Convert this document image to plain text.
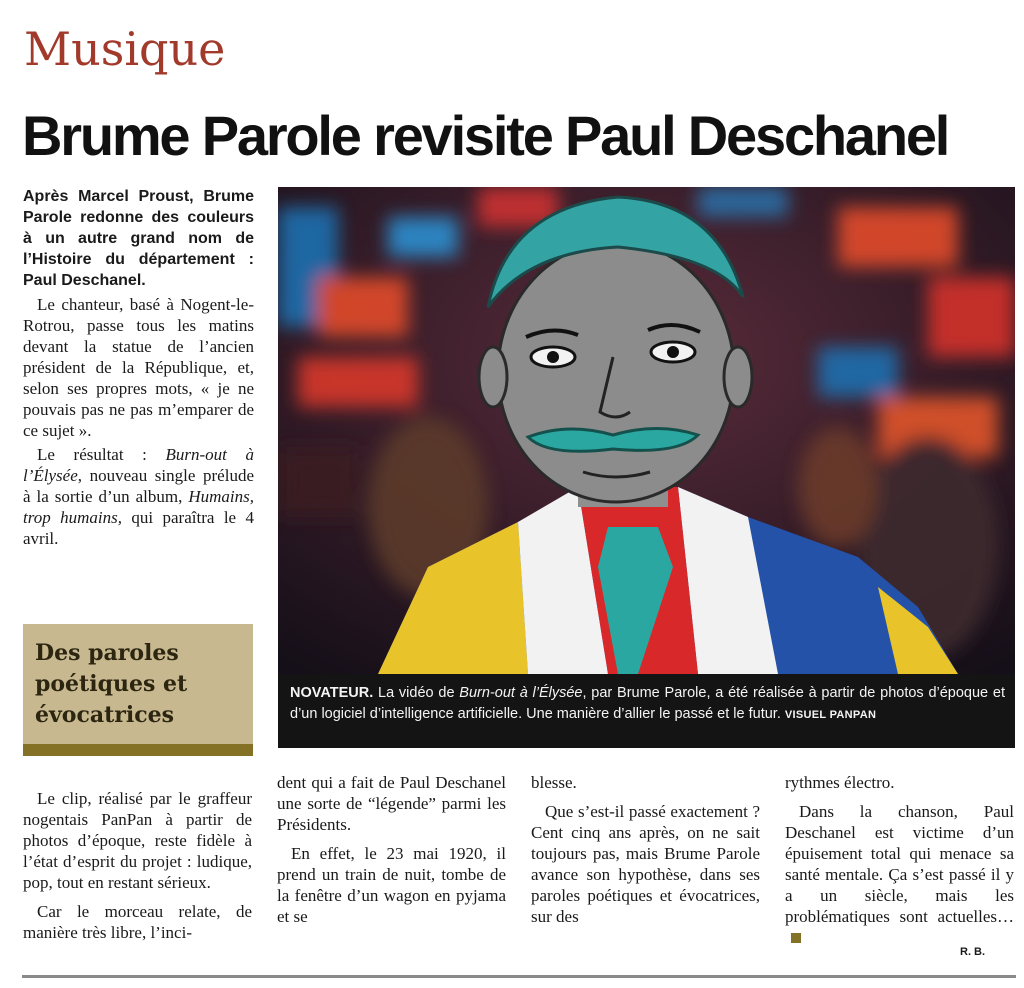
Musique
Brume Parole revisite Paul Deschanel

Après Marcel Proust, Brume Parole redonne des couleurs à un autre grand nom de l’Histoire du département : Paul Deschanel.

Le chanteur, basé à Nogent-le-Rotrou, passe tous les matins devant la statue de l’ancien président de la République, et, selon ses propres mots, « je ne pouvais pas ne pas m’emparer de ce sujet ».

Le résultat : Burn-out à l’Élysée, nouveau single prélude à la sortie d’un album, Humains, trop humains, qui paraîtra le 4 avril.

Des paroles poétiques et évocatrices
NOVATEUR. La vidéo de Burn-out à l’Élysée, par Brume Parole, a été réalisée à partir de photos d’époque et d’un logiciel d’intelligence artificielle. Une manière d’allier le passé et le futur. VISUEL PANPAN

Le clip, réalisé par le graffeur nogentais PanPan à partir de photos d’époque, reste fidèle à l’état d’esprit du projet : ludique, pop, tout en restant sérieux.

Car le morceau relate, de manière très libre, l’inci-

dent qui a fait de Paul Deschanel une sorte de “légende” parmi les Présidents.

En effet, le 23 mai 1920, il prend un train de nuit, tombe de la fenêtre d’un wagon en pyjama et se

blesse.

Que s’est-il passé exactement ? Cent cinq ans après, on ne sait toujours pas, mais Brume Parole avance son hypothèse, dans ses paroles poétiques et évocatrices, sur des

rythmes électro.

Dans la chanson, Paul Deschanel est victime d’un épuisement total qui menace sa santé mentale. Ça s’est passé il y a un siècle, mais les problématiques sont actuelles…

R. B.
